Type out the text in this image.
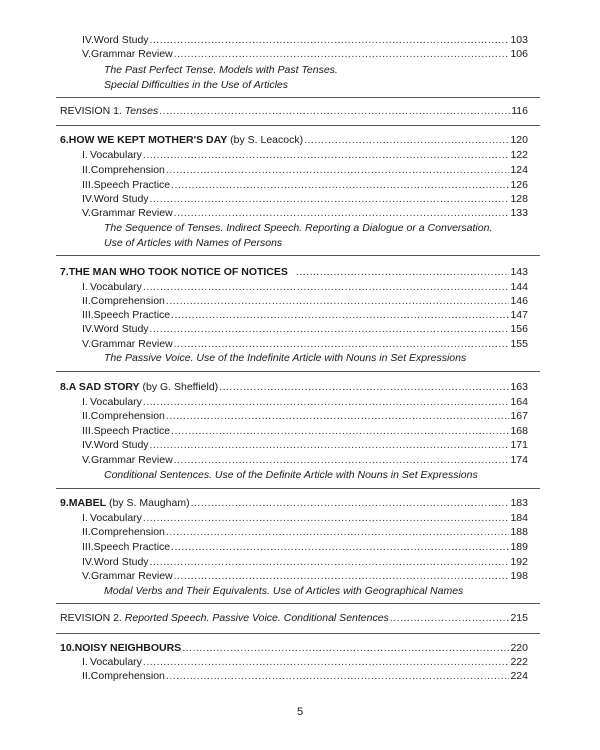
IV. Word Study .....	103
V. Grammar Review .....	106
The Past Perfect Tense. Models with Past Tenses.
Special Difficulties in the Use of Articles
REVISION 1.
Tenses .....	116
6. HOW WE KEPT MOTHER'S DAY
(by S. Leacock) .....	120
I. Vocabulary .....	122
II. Comprehension .....	124
III. Speech Practice .....	126
IV. Word Study .....	128
V. Grammar Review .....	133
The Sequence of Tenses. Indirect Speech. Reporting a Dialogue or a Conversation.
Use of Articles with Names of Persons
7. THE MAN WHO TOOK NOTICE OF NOTICES .....	143
I. Vocabulary .....	144
II. Comprehension .....	146
III. Speech Practice .....	147
IV. Word Study .....	156
V. Grammar Review .....	155
The Passive Voice. Use of the Indefinite Article with Nouns in Set Expressions
8. A SAD STORY
(by G. Sheffield) .....	163
I. Vocabulary .....	164
II. Comprehension .....	167
III. Speech Practice .....	168
IV. Word Study .....	171
V. Grammar Review .....	174
Conditional Sentences. Use of the Definite Article with Nouns in Set Expressions
9. MABEL
(by S. Maugham) .....	183
I. Vocabulary .....	184
II. Comprehension .....	188
III. Speech Practice .....	189
IV. Word Study .....	192
V. Grammar Review .....	198
Modal Verbs and Their Equivalents. Use of Articles with Geographical Names
REVISION 2.
Reported Speech. Passive Voice. Conditional Sentences .....	215
10. NOISY NEIGHBOURS .....	220
I. Vocabulary .....	222
II. Comprehension .....	224
5
